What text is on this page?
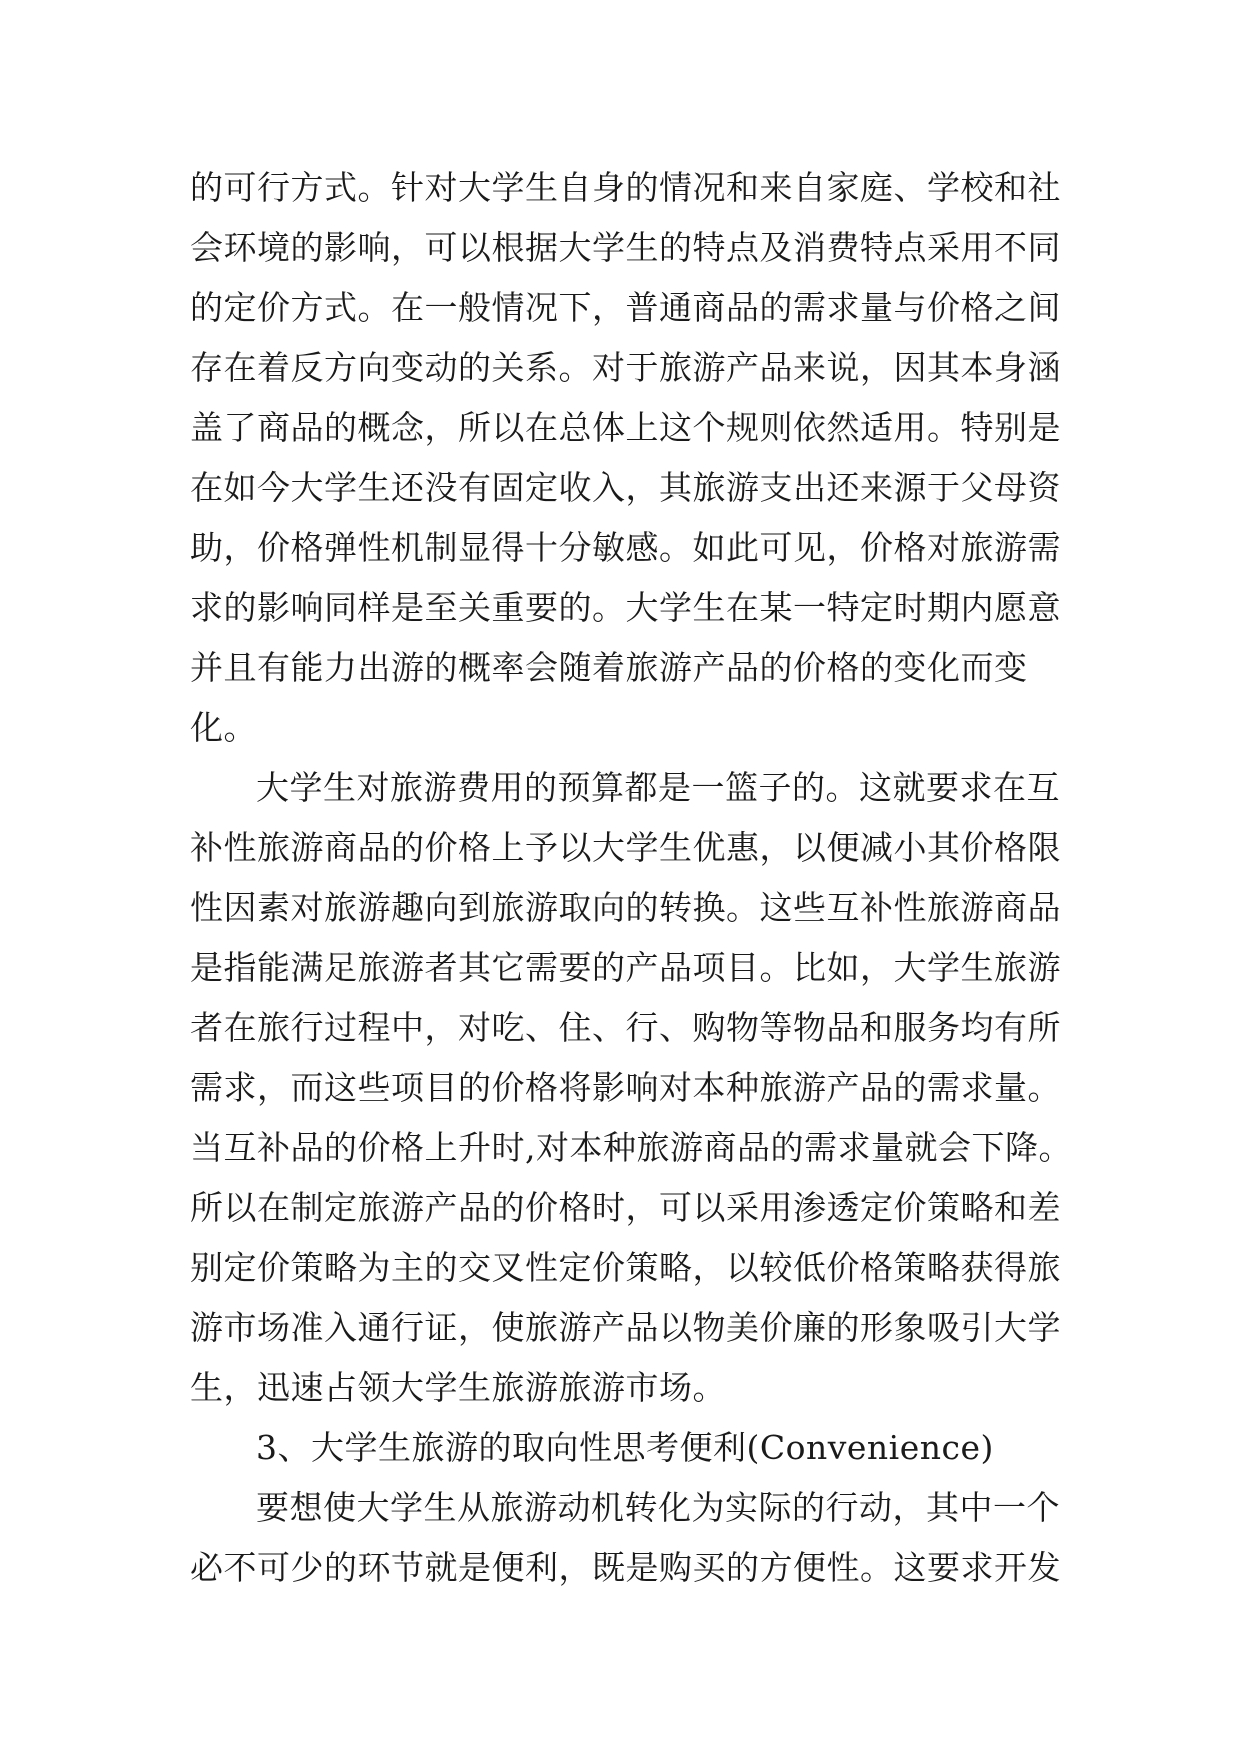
的可行方式。针对大学生自身的情况和来自家庭、学校和社
会环境的影响，可以根据大学生的特点及消费特点采用不同
的定价方式。在一般情况下，普通商品的需求量与价格之间
存在着反方向变动的关系。对于旅游产品来说，因其本身涵
盖了商品的概念，所以在总体上这个规则依然适用。特别是
在如今大学生还没有固定收入，其旅游支出还来源于父母资
助，价格弹性机制显得十分敏感。如此可见，价格对旅游需
求的影响同样是至关重要的。大学生在某一特定时期内愿意
并且有能力出游的概率会随着旅游产品的价格的变化而变
化。
大学生对旅游费用的预算都是一篮子的。这就要求在互
补性旅游商品的价格上予以大学生优惠，以便减小其价格限
性因素对旅游趣向到旅游取向的转换。这些互补性旅游商品
是指能满足旅游者其它需要的产品项目。比如，大学生旅游
者在旅行过程中，对吃、住、行、购物等物品和服务均有所
需求，而这些项目的价格将影响对本种旅游产品的需求量。
当互补品的价格上升时,对本种旅游商品的需求量就会下降。
所以在制定旅游产品的价格时，可以采用渗透定价策略和差
别定价策略为主的交叉性定价策略，以较低价格策略获得旅
游市场准入通行证，使旅游产品以物美价廉的形象吸引大学
生，迅速占领大学生旅游旅游市场。
3、大学生旅游的取向性思考便利(Convenience)
要想使大学生从旅游动机转化为实际的行动，其中一个
必不可少的环节就是便利，既是购买的方便性。这要求开发
